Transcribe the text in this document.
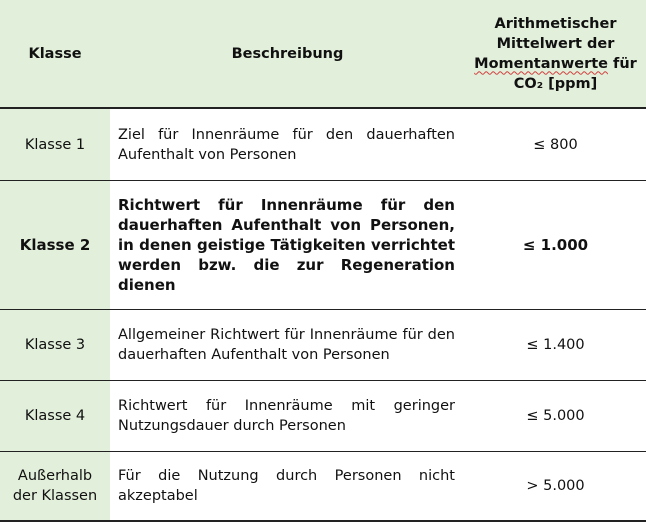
Klasse	Beschreibung	Arithmetischer
Mittelwert der
Momentanwerte für
CO₂ [ppm]
Klasse 1	Ziel für Innenräume für den dauerhaften Aufenthalt von Personen	≤ 800
Klasse 2	Richtwert für Innenräume für den dauerhaften Aufenthalt von Personen, in denen geistige Tätigkeiten verrichtet werden bzw. die zur Regeneration dienen	≤ 1.000
Klasse 3	Allgemeiner Richtwert für Innenräume für den dauerhaften Aufenthalt von Personen	≤ 1.400
Klasse 4	Richtwert für Innenräume mit geringer Nutzungsdauer durch Personen	≤ 5.000
Außerhalb
der Klassen	Für die Nutzung durch Personen nicht akzeptabel	> 5.000
